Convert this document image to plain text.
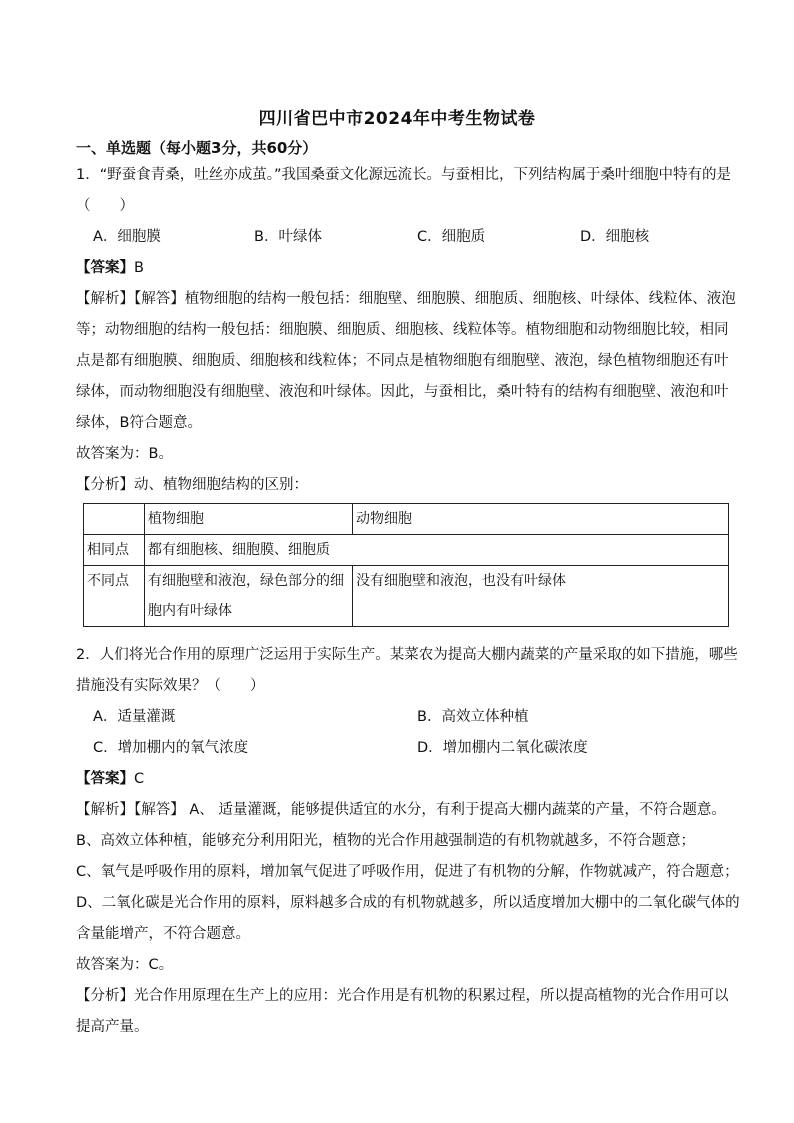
四川省巴中市2024年中考生物试卷
一、单选题（每小题3分，共60分）
1．“野蚕食青桑，吐丝亦成茧。”我国桑蚕文化源远流长。与蚕相比，下列结构属于桑叶细胞中特有的是
（　　）
A．细胞膜	B．叶绿体	C．细胞质	D．细胞核
【答案】B
【解析】【解答】植物细胞的结构一般包括：细胞壁、细胞膜、细胞质、细胞核、叶绿体、线粒体、液泡
等；动物细胞的结构一般包括：细胞膜、细胞质、细胞核、线粒体等。植物细胞和动物细胞比较，相同
点是都有细胞膜、细胞质、细胞核和线粒体；不同点是植物细胞有细胞壁、液泡，绿色植物细胞还有叶
绿体，而动物细胞没有细胞壁、液泡和叶绿体。因此，与蚕相比，桑叶特有的结构有细胞壁、液泡和叶
绿体，B符合题意。
故答案为：B。
【分析】动、植物细胞结构的区别：
	植物细胞	动物细胞
相同点	都有细胞核、细胞膜、细胞质	
不同点	有细胞壁和液泡，绿色部分的细
胞内有叶绿体	没有细胞壁和液泡，也没有叶绿体
2．人们将光合作用的原理广泛运用于实际生产。某菜农为提高大棚内蔬菜的产量采取的如下措施，哪些
措施没有实际效果？（　　）
A．适量灌溉	B．高效立体种植
C．增加棚内的氧气浓度	D．增加棚内二氧化碳浓度
【答案】C
【解析】【解答】 A、 适量灌溉，能够提供适宜的水分，有利于提高大棚内蔬菜的产量，不符合题意。
B、高效立体种植，能够充分利用阳光，植物的光合作用越强制造的有机物就越多，不符合题意；
C、氧气是呼吸作用的原料，增加氧气促进了呼吸作用，促进了有机物的分解，作物就减产，符合题意；
D、二氧化碳是光合作用的原料，原料越多合成的有机物就越多，所以适度增加大棚中的二氧化碳气体的
含量能增产，不符合题意。
故答案为：C。
【分析】光合作用原理在生产上的应用：光合作用是有机物的积累过程，所以提高植物的光合作用可以
提高产量。
